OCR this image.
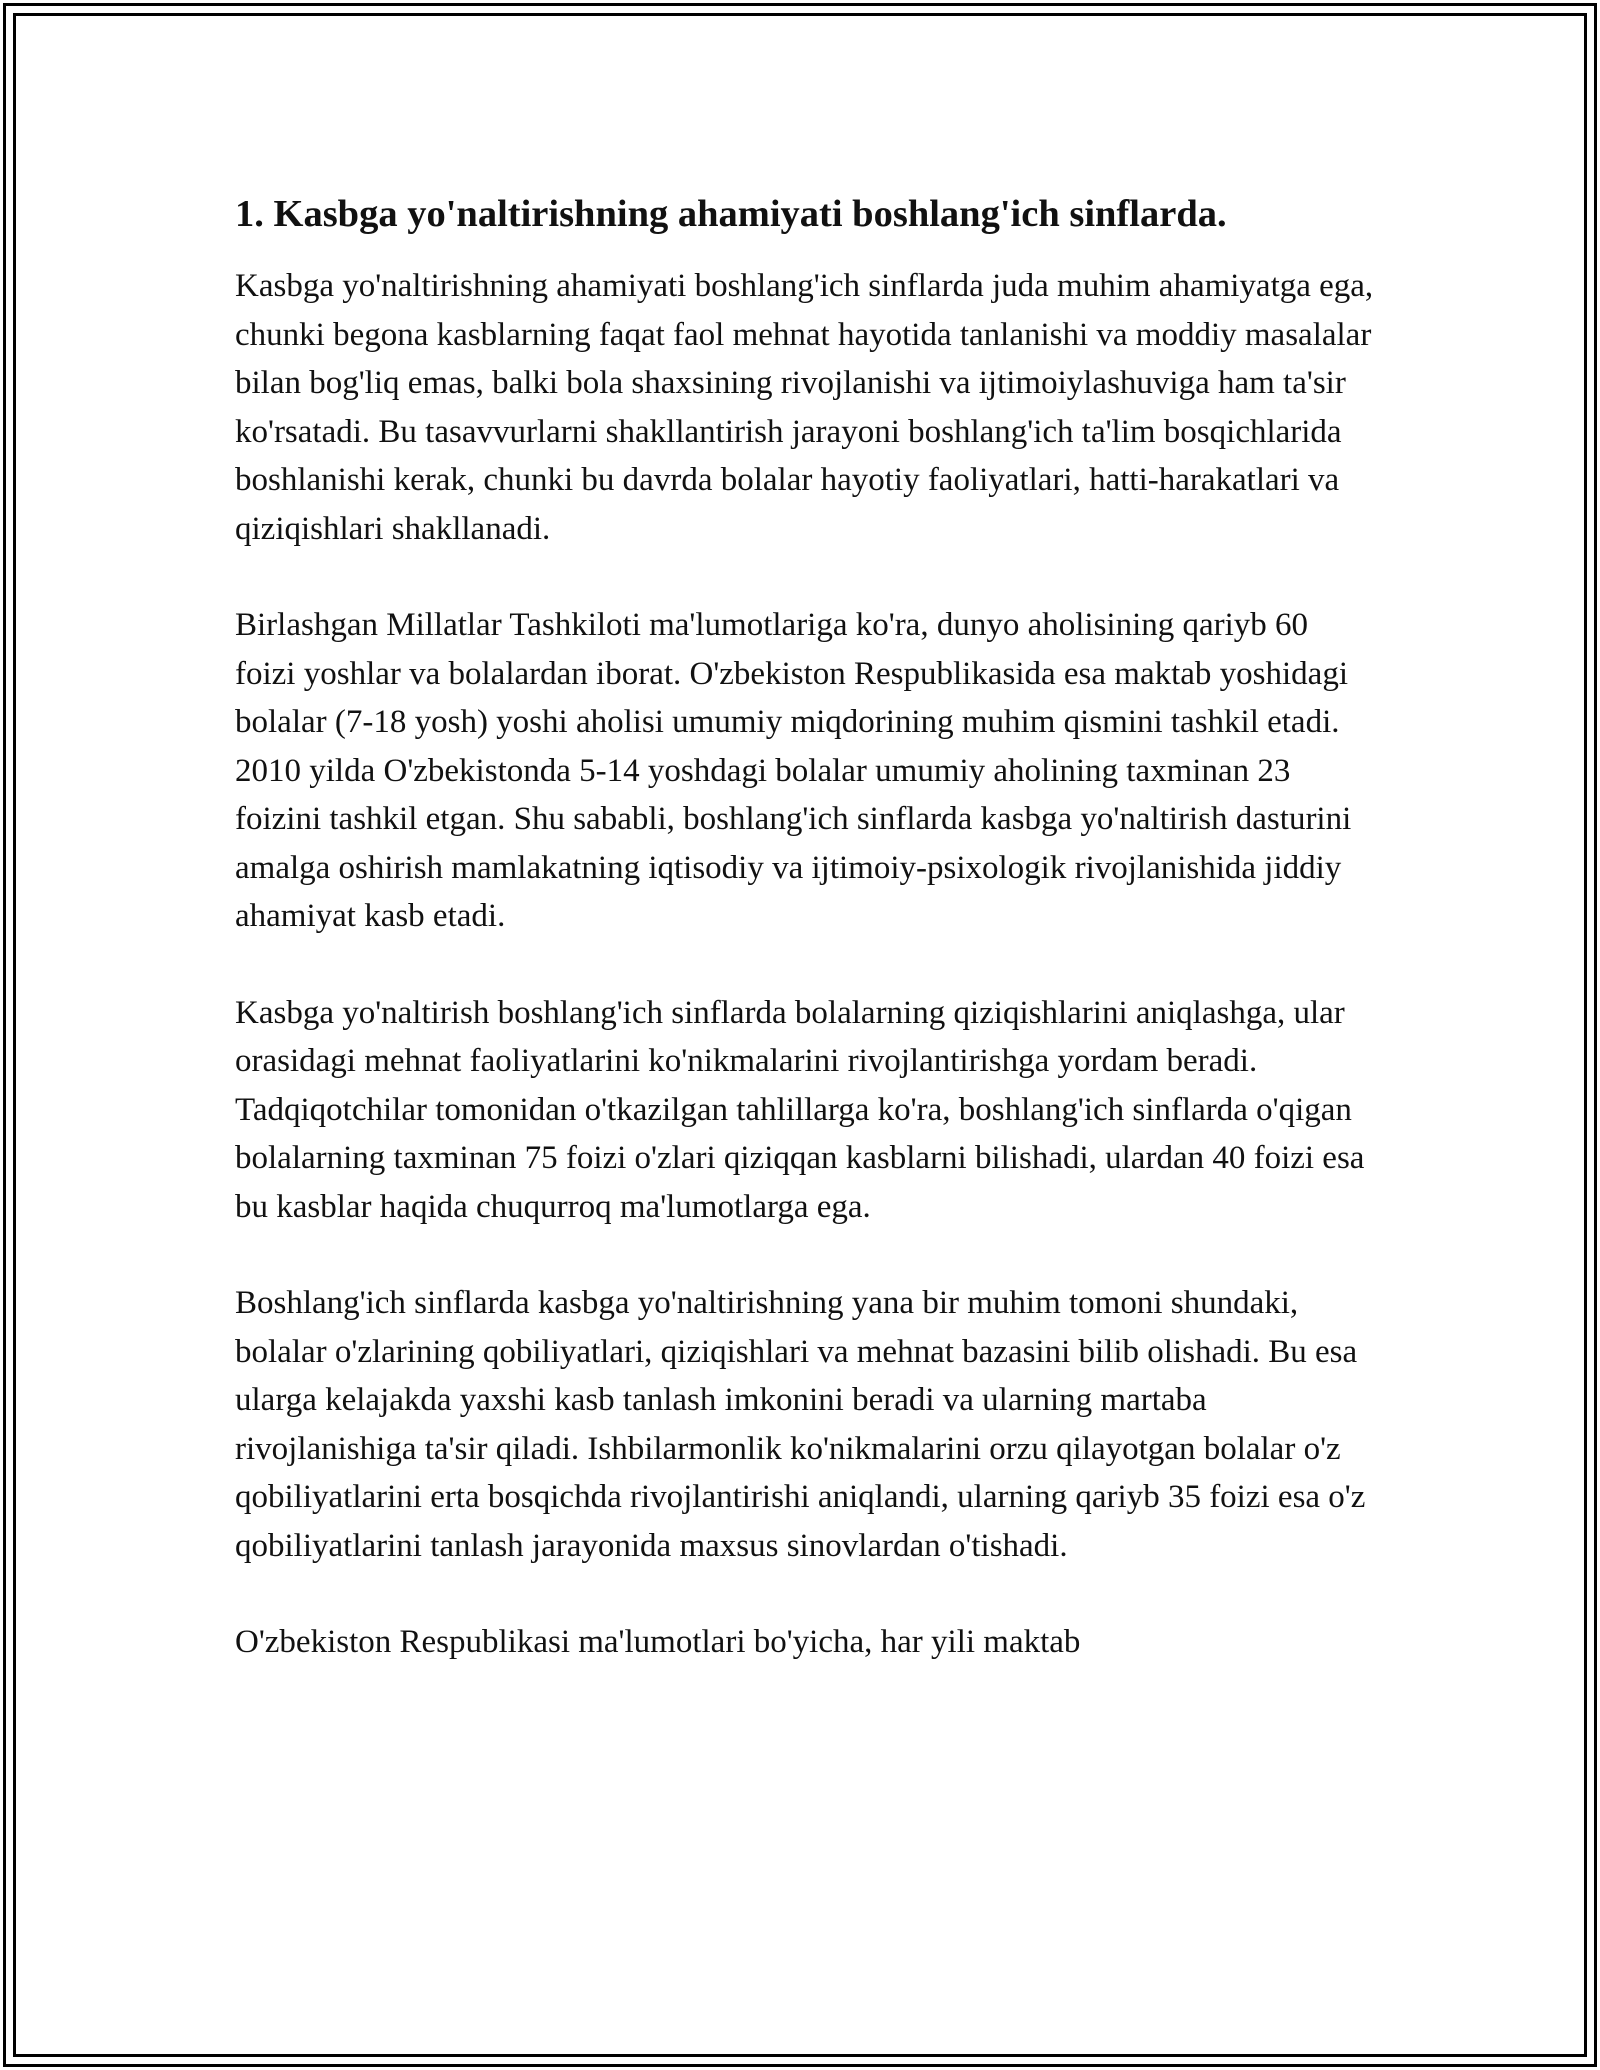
1. Kasbga yo'naltirishning ahamiyati boshlang'ich sinflarda.

Kasbga yo'naltirishning ahamiyati boshlang'ich sinflarda juda muhim ahamiyatga ega, chunki begona kasblarning faqat faol mehnat hayotida tanlanishi va moddiy masalalar bilan bog'liq emas, balki bola shaxsining rivojlanishi va ijtimoiylashuviga ham ta'sir ko'rsatadi. Bu tasavvurlarni shakllantirish jarayoni boshlang'ich ta'lim bosqichlarida boshlanishi kerak, chunki bu davrda bolalar hayotiy faoliyatlari, hatti-harakatlari va qiziqishlari shakllanadi.

Birlashgan Millatlar Tashkiloti ma'lumotlariga ko'ra, dunyo aholisining qariyb 60 foizi yoshlar va bolalardan iborat. O'zbekiston Respublikasida esa maktab yoshidagi bolalar (7-18 yosh) yoshi aholisi umumiy miqdorining muhim qismini tashkil etadi. 2010 yilda O'zbekistonda 5-14 yoshdagi bolalar umumiy aholining taxminan 23 foizini tashkil etgan. Shu sababli, boshlang'ich sinflarda kasbga yo'naltirish dasturini amalga oshirish mamlakatning iqtisodiy va ijtimoiy-psixologik rivojlanishida jiddiy ahamiyat kasb etadi.

Kasbga yo'naltirish boshlang'ich sinflarda bolalarning qiziqishlarini aniqlashga, ular orasidagi mehnat faoliyatlarini ko'nikmalarini rivojlantirishga yordam beradi. Tadqiqotchilar tomonidan o'tkazilgan tahlillarga ko'ra, boshlang'ich sinflarda o'qigan bolalarning taxminan 75 foizi o'zlari qiziqqan kasblarni bilishadi, ulardan 40 foizi esa bu kasblar haqida chuqurroq ma'lumotlarga ega.

Boshlang'ich sinflarda kasbga yo'naltirishning yana bir muhim tomoni shundaki, bolalar o'zlarining qobiliyatlari, qiziqishlari va mehnat bazasini bilib olishadi. Bu esa ularga kelajakda yaxshi kasb tanlash imkonini beradi va ularning martaba rivojlanishiga ta'sir qiladi. Ishbilarmonlik ko'nikmalarini orzu qilayotgan bolalar o'z qobiliyatlarini erta bosqichda rivojlantirishi aniqlandi, ularning qariyb 35 foizi esa o'z qobiliyatlarini tanlash jarayonida maxsus sinovlardan o'tishadi.

O'zbekiston Respublikasi ma'lumotlari bo'yicha, har yili maktab
